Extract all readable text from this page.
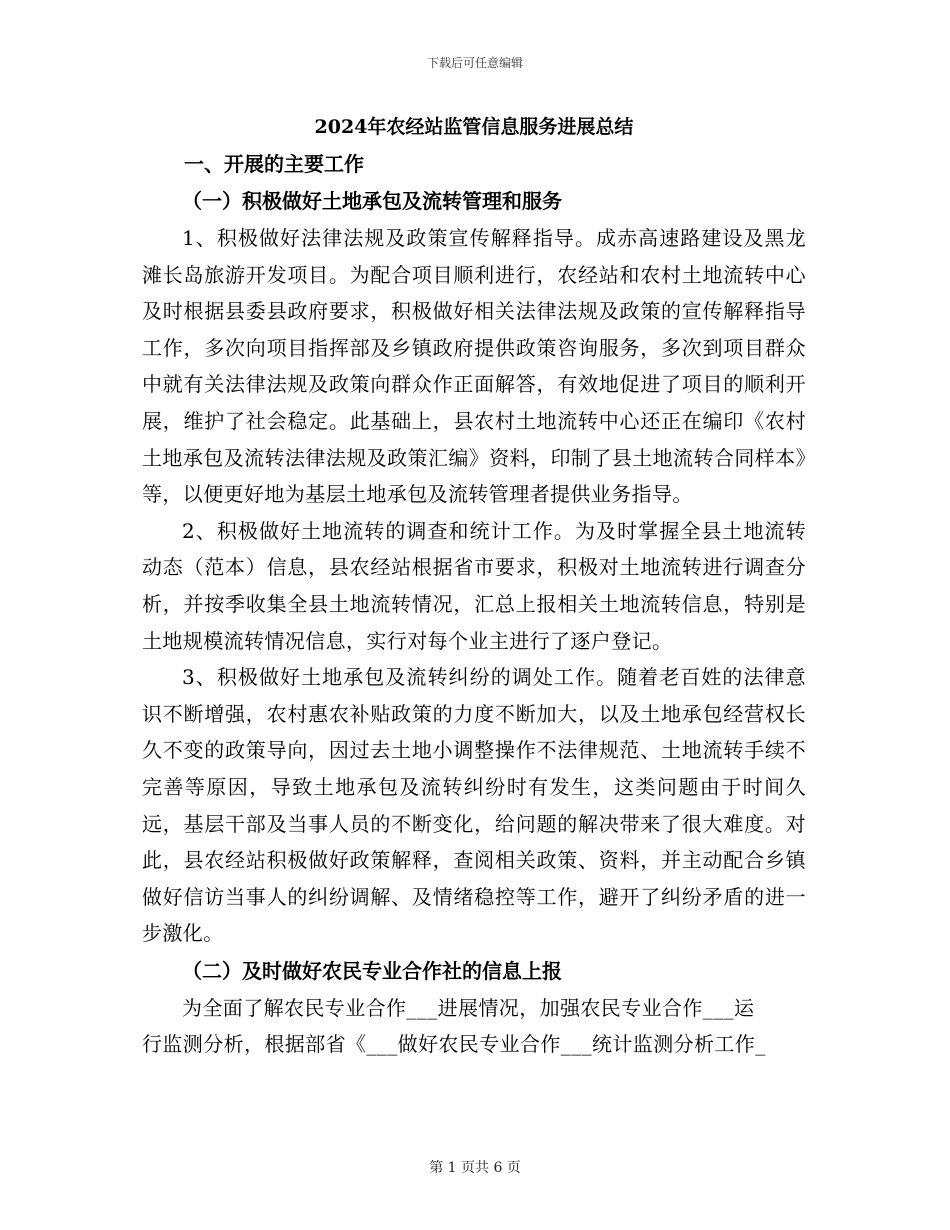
下载后可任意编辑
2024年农经站监管信息服务进展总结
一、开展的主要工作
（一）积极做好土地承包及流转管理和服务

1、积极做好法律法规及政策宣传解释指导。成赤高速路建设及黑龙滩长岛旅游开发项目。为配合项目顺利进行，农经站和农村土地流转中心及时根据县委县政府要求，积极做好相关法律法规及政策的宣传解释指导工作，多次向项目指挥部及乡镇政府提供政策咨询服务，多次到项目群众中就有关法律法规及政策向群众作正面解答，有效地促进了项目的顺利开展，维护了社会稳定。此基础上，县农村土地流转中心还正在编印《农村土地承包及流转法律法规及政策汇编》资料，印制了县土地流转合同样本》等，以便更好地为基层土地承包及流转管理者提供业务指导。

2、积极做好土地流转的调查和统计工作。为及时掌握全县土地流转动态（范本）信息，县农经站根据省市要求，积极对土地流转进行调查分析，并按季收集全县土地流转情况，汇总上报相关土地流转信息，特别是土地规模流转情况信息，实行对每个业主进行了逐户登记。

3、积极做好土地承包及流转纠纷的调处工作。随着老百姓的法律意识不断增强，农村惠农补贴政策的力度不断加大，以及土地承包经营权长久不变的政策导向，因过去土地小调整操作不法律规范、土地流转手续不完善等原因，导致土地承包及流转纠纷时有发生，这类问题由于时间久远，基层干部及当事人员的不断变化，给问题的解决带来了很大难度。对此，县农经站积极做好政策解释，查阅相关政策、资料，并主动配合乡镇做好信访当事人的纠纷调解、及情绪稳控等工作，避开了纠纷矛盾的进一步激化。

（二）及时做好农民专业合作社的信息上报

为全面了解农民专业合作___进展情况，加强农民专业合作___运

行监测分析，根据部省《___做好农民专业合作___统计监测分析工作_

第 1 页共 6 页
